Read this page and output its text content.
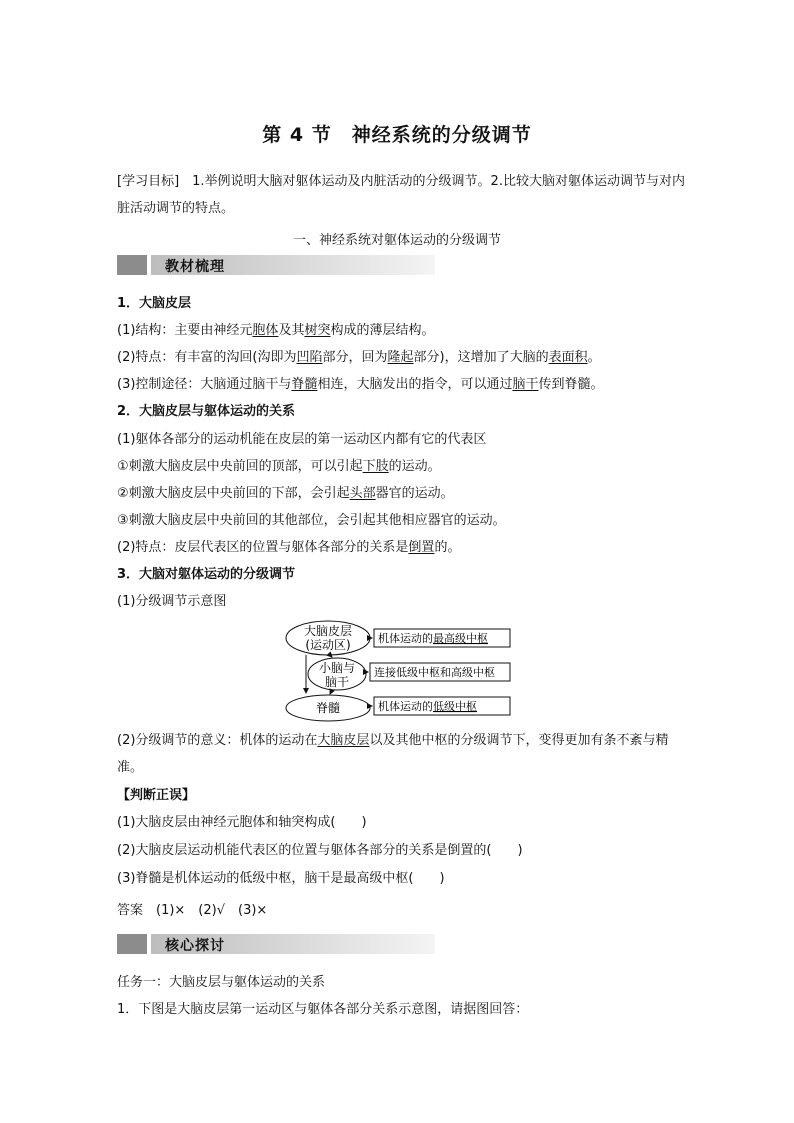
第 4 节　神经系统的分级调节
[学习目标]　1.举例说明大脑对躯体运动及内脏活动的分级调节。2.比较大脑对躯体运动调节与对内脏活动调节的特点。
一、神经系统对躯体运动的分级调节
教材梳理
1．大脑皮层
(1)结构：主要由神经元胞体及其树突构成的薄层结构。
(2)特点：有丰富的沟回(沟即为凹陷部分，回为隆起部分)，这增加了大脑的表面积。
(3)控制途径：大脑通过脑干与脊髓相连，大脑发出的指令，可以通过脑干传到脊髓。
2．大脑皮层与躯体运动的关系
(1)躯体各部分的运动机能在皮层的第一运动区内都有它的代表区
①刺激大脑皮层中央前回的顶部，可以引起下肢的运动。
②刺激大脑皮层中央前回的下部，会引起头部器官的运动。
③刺激大脑皮层中央前回的其他部位，会引起其他相应器官的运动。
(2)特点：皮层代表区的位置与躯体各部分的关系是倒置的。
3．大脑对躯体运动的分级调节
(1)分级调节示意图
大脑皮层
(运动区)
小脑与
脑干
脊髓
机体运动的最高级中枢
连接低级中枢和高级中枢
机体运动的低级中枢
(2)分级调节的意义：机体的运动在大脑皮层以及其他中枢的分级调节下，变得更加有条不紊与精准。
【判断正误】
(1)大脑皮层由神经元胞体和轴突构成(　　)
(2)大脑皮层运动机能代表区的位置与躯体各部分的关系是倒置的(　　)
(3)脊髓是机体运动的低级中枢，脑干是最高级中枢(　　)
答案　(1)×　(2)√　(3)×
核心探讨
任务一：大脑皮层与躯体运动的关系
1．下图是大脑皮层第一运动区与躯体各部分关系示意图，请据图回答：
